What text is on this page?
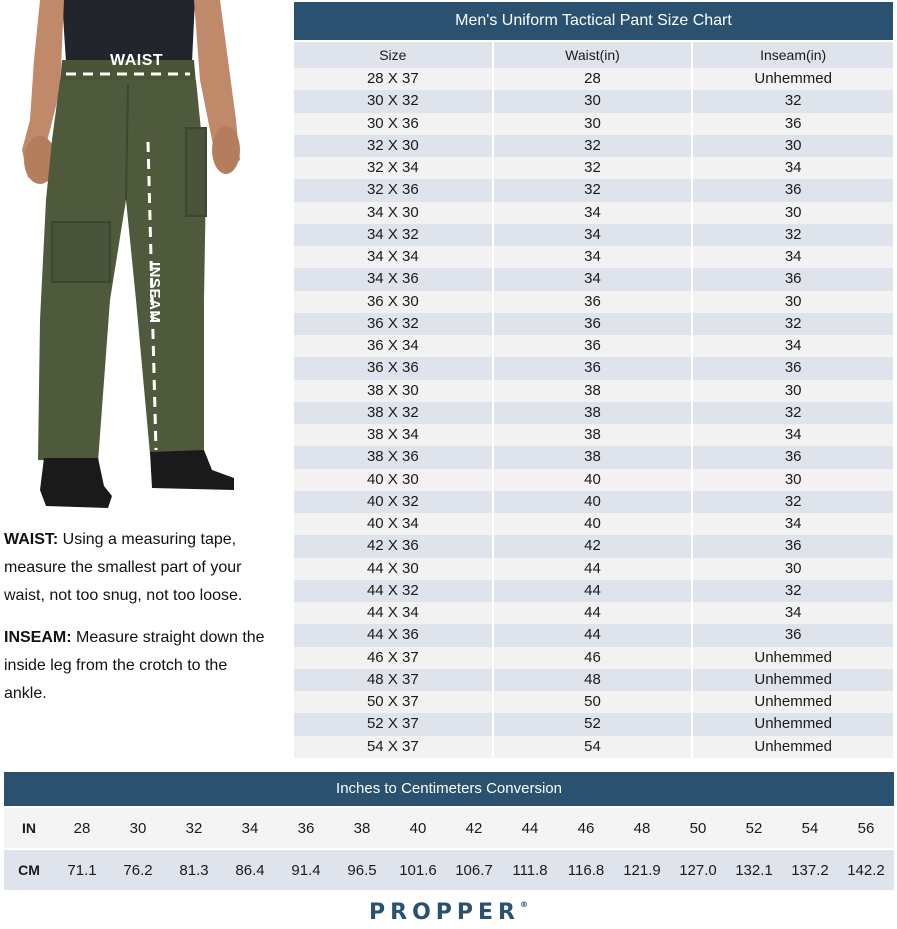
WAIST
INSEAM

WAIST: Using a measuring tape, measure the smallest part of your waist, not too snug, not too loose.

INSEAM: Measure straight down the inside leg from the crotch to the ankle.

Men's Uniform Tactical Pant Size Chart
Size	Waist(in)	Inseam(in)
28 X 37	28	Unhemmed
30 X 32	30	32
30 X 36	30	36
32 X 30	32	30
32 X 34	32	34
32 X 36	32	36
34 X 30	34	30
34 X 32	34	32
34 X 34	34	34
34 X 36	34	36
36 X 30	36	30
36 X 32	36	32
36 X 34	36	34
36 X 36	36	36
38 X 30	38	30
38 X 32	38	32
38 X 34	38	34
38 X 36	38	36
40 X 30	40	30
40 X 32	40	32
40 X 34	40	34
42 X 36	42	36
44 X 30	44	30
44 X 32	44	32
44 X 34	44	34
44 X 36	44	36
46 X 37	46	Unhemmed
48 X 37	48	Unhemmed
50 X 37	50	Unhemmed
52 X 37	52	Unhemmed
54 X 37	54	Unhemmed
Inches to Centimeters Conversion
IN	28	30	32	34	36	38	40	42	44	46	48	50	52	54	56
CM	71.1	76.2	81.3	86.4	91.4	96.5	101.6	106.7	111.8	116.8	121.9	127.0	132.1	137.2	142.2
PROPPER®
